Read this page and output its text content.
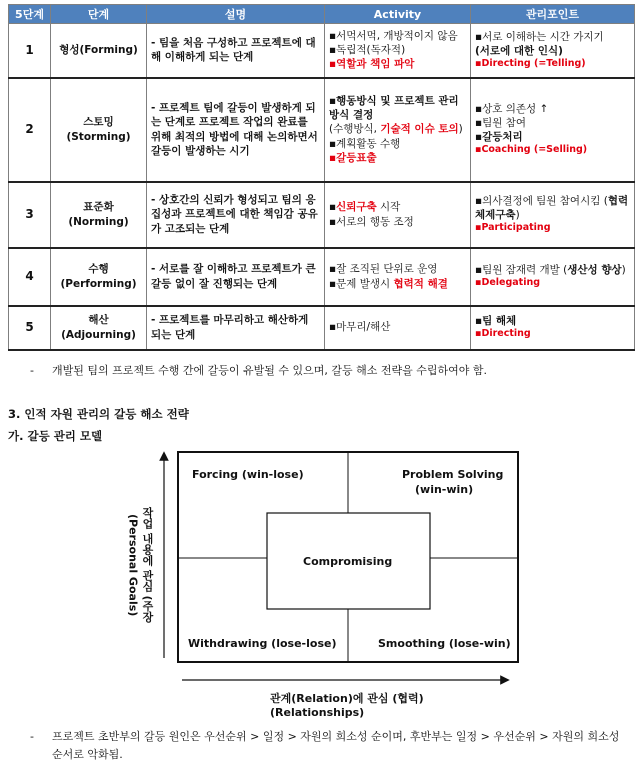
5단계	단계	설명	Activity	관리포인트
1	형성(Forming)	- 팀을 처음 구성하고 프로젝트에 대해 이해하게 되는 단계	▪서먹서먹, 개방적이지 않음
▪독립적(독자적)
▪역할과 책임 파악	▪서로 이해하는 시간 가지기
(서로에 대한 인식)
▪Directing (=Telling)

2	스토밍(Storming)	- 프로젝트 팀에 갈등이 발생하게 되는 단계로 프로젝트 작업의 완료를 위해 최적의 방법에 대해 논의하면서 갈등이 발생하는 시기	▪행동방식 및 프로젝트 관리 방식 결정
(수행방식, 기술적 이슈 토의)
▪계획활동 수행
▪갈등표출	▪상호 의존성 ↑
▪팀원 참여
▪갈등처리
▪Coaching (=Selling)

3	표준화(Norming)	- 상호간의 신뢰가 형성되고 팀의 응집성과 프로젝트에 대한 책임감 공유가 고조되는 단계	▪신뢰구축 시작
▪서로의 행동 조정	▪의사결정에 팀원 참여시킴 (협력체제구축)
▪Participating

4	수행(Performing)	- 서로를 잘 이해하고 프로젝트가 큰 갈등 없이 잘 진행되는 단계	▪잘 조직된 단위로 운영
▪문제 발생시 협력적 해결	▪팀원 잠재력 개발 (생산성 향상)
▪Delegating

5	해산(Adjourning)	- 프로젝트를 마무리하고 해산하게 되는 단계	▪마무리/해산	▪팀 해체
▪Directing
-	개발된 팀의 프로젝트 수행 간에 갈등이 유발될 수 있으며, 갈등 해소 전략을 수립하여야 함.
3. 인적 자원 관리의 갈등 해소 전략
가. 갈등 관리 모델
Forcing (win-lose)	Problem Solving
(win-win)
Compromising
Withdrawing (lose-lose)	Smoothing (lose-win)
작업 내용에 관심 (주장
(Personal Goals)
관계(Relation)에 관심 (협력)
(Relationships)
-	프로젝트 초반부의 갈등 원인은 우선순위 > 일정 > 자원의 희소성 순이며, 후반부는 일정 > 우선순위 > 자원의 희소성 순서로 악화됨.
